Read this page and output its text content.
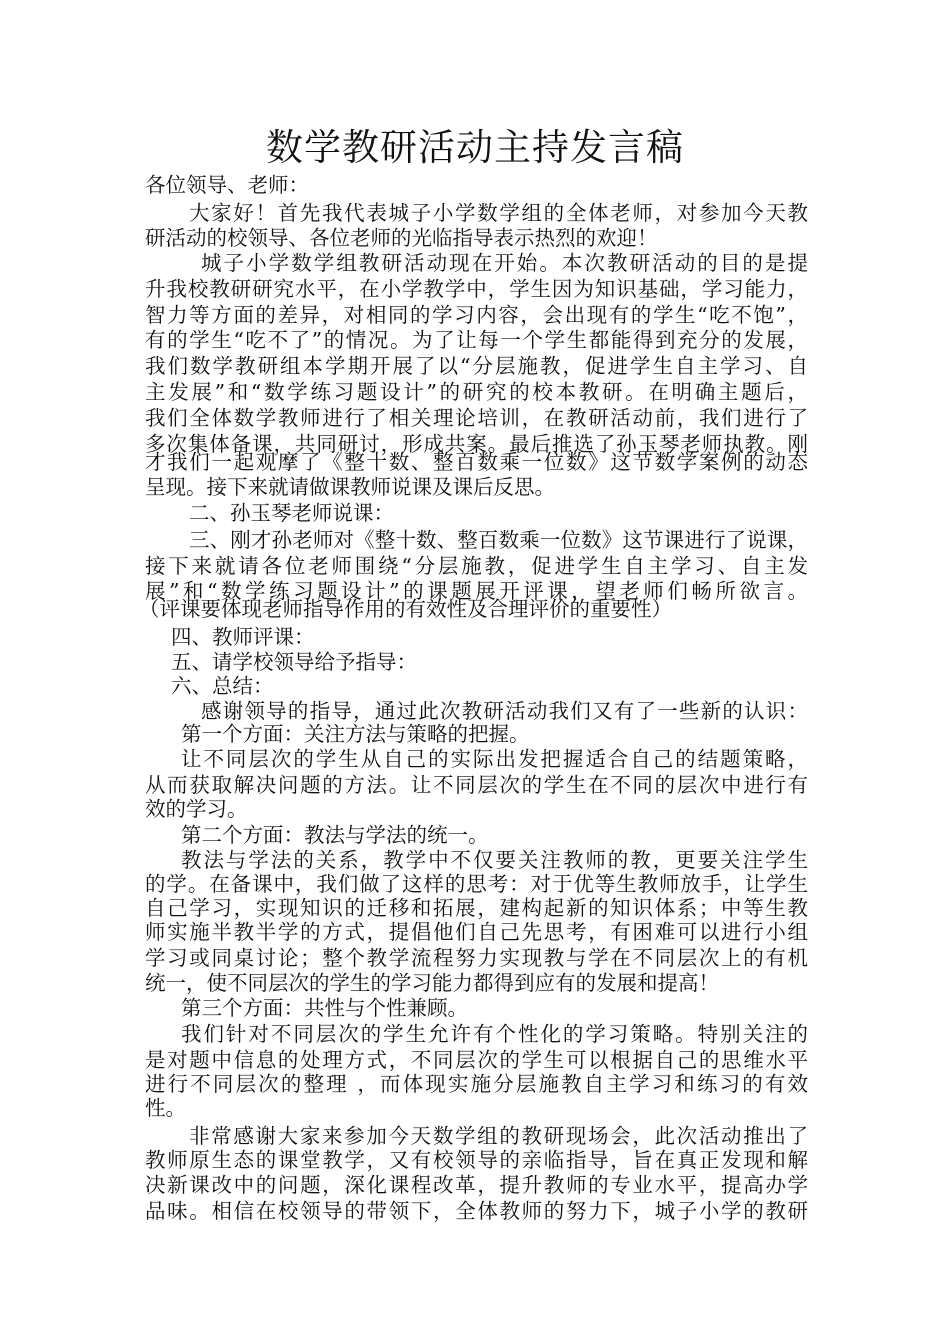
数学教研活动主持发言稿
各位领导、老师：
大家好！首先我代表城子小学数学组的全体老师，对参加今天教
研活动的校领导、各位老师的光临指导表示热烈的欢迎！
城子小学数学组教研活动现在开始。本次教研活动的目的是提
升我校教研研究水平，在小学教学中，学生因为知识基础，学习能力，
智力等方面的差异，对相同的学习内容，会出现有的学生“吃不饱”，
有的学生“吃不了”的情况。为了让每一个学生都能得到充分的发展，
我们数学教研组本学期开展了以“分层施教，促进学生自主学习、自
主发展”和“数学练习题设计”的研究的校本教研。在明确主题后，
我们全体数学教师进行了相关理论培训，在教研活动前，我们进行了
多次集体备课，共同研讨，形成共案。最后推选了孙玉琴老师执教。刚
才我们一起观摩了《整十数、整百数乘一位数》这节数学案例的动态
呈现。接下来就请做课教师说课及课后反思。
二、孙玉琴老师说课：
三、刚才孙老师对《整十数、整百数乘一位数》这节课进行了说课，
接下来就请各位老师围绕“分层施教，促进学生自主学习、自主发
展”和“数学练习题设计”的课题展开评课，望老师们畅所欲言。
（评课要体现老师指导作用的有效性及合理评价的重要性）
四、教师评课：
五、请学校领导给予指导：
六、总结：
感谢领导的指导，通过此次教研活动我们又有了一些新的认识：
第一个方面：关注方法与策略的把握。
让不同层次的学生从自己的实际出发把握适合自己的结题策略，
从而获取解决问题的方法。让不同层次的学生在不同的层次中进行有
效的学习。
第二个方面：教法与学法的统一。
教法与学法的关系，教学中不仅要关注教师的教，更要关注学生
的学。在备课中，我们做了这样的思考：对于优等生教师放手，让学生
自己学习，实现知识的迁移和拓展，建构起新的知识体系；中等生教
师实施半教半学的方式，提倡他们自己先思考，有困难可以进行小组
学习或同桌讨论；整个教学流程努力实现教与学在不同层次上的有机
统一，使不同层次的学生的学习能力都得到应有的发展和提高！
第三个方面：共性与个性兼顾。
我们针对不同层次的学生允许有个性化的学习策略。特别关注的
是对题中信息的处理方式，不同层次的学生可以根据自己的思维水平
进行不同层次的整理 ，而体现实施分层施教自主学习和练习的有效
性。
非常感谢大家来参加今天数学组的教研现场会，此次活动推出了
教师原生态的课堂教学，又有校领导的亲临指导，旨在真正发现和解
决新课改中的问题，深化课程改革，提升教师的专业水平，提高办学
品味。相信在校领导的带领下，全体教师的努力下，城子小学的教研
